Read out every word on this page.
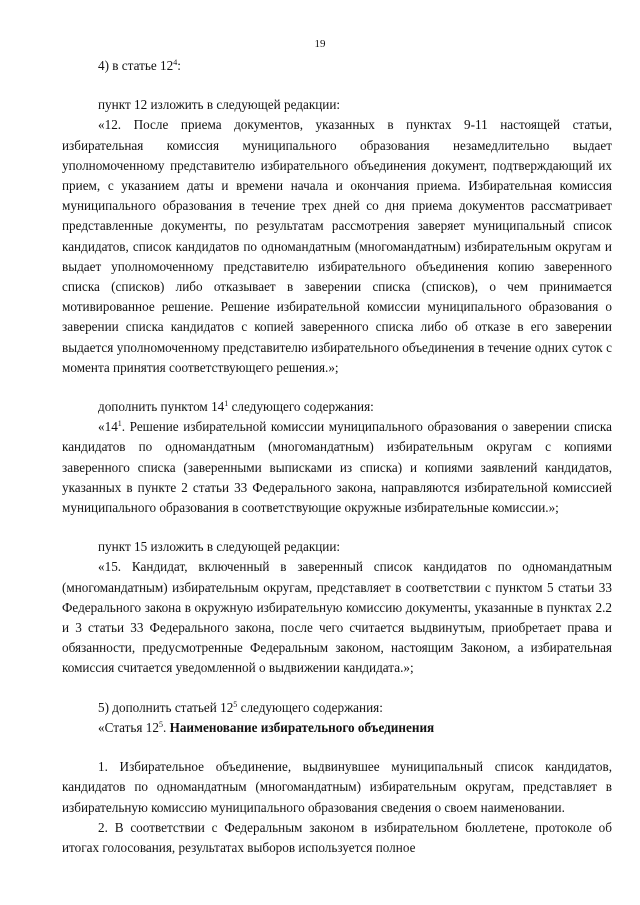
19

4) в статье $12^4$:

пункт 12 изложить в следующей редакции:

«12. После приема документов, указанных в пунктах 9-11 настоящей статьи, избирательная комиссия муниципального образования незамедлительно выдает уполномоченному представителю избирательного объединения документ, подтверждающий их прием, с указанием даты и времени начала и окончания приема. Избирательная комиссия муниципального образования в течение трех дней со дня приема документов рассматривает представленные документы, по результатам рассмотрения заверяет муниципальный список кандидатов, список кандидатов по одномандатным (многомандатным) избирательным округам и выдает уполномоченному представителю избирательного объединения копию заверенного списка (списков) либо отказывает в заверении списка (списков), о чем принимается мотивированное решение. Решение избирательной комиссии муниципального образования о заверении списка кандидатов с копией заверенного списка либо об отказе в его заверении выдается уполномоченному представителю избирательного объединения в течение одних суток с момента принятия соответствующего решения.»;

дополнить пунктом $14^1$ следующего содержания:

«$14^1$. Решение избирательной комиссии муниципального образования о заверении списка кандидатов по одномандатным (многомандатным) избирательным округам с копиями заверенного списка (заверенными выписками из списка) и копиями заявлений кандидатов, указанных в пункте 2 статьи 33 Федерального закона, направляются избирательной комиссией муниципального образования в соответствующие окружные избирательные комиссии.»;

пункт 15 изложить в следующей редакции:

«15. Кандидат, включенный в заверенный список кандидатов по одномандатным (многомандатным) избирательным округам, представляет в соответствии с пунктом 5 статьи 33 Федерального закона в окружную избирательную комиссию документы, указанные в пунктах 2.2 и 3 статьи 33 Федерального закона, после чего считается выдвинутым, приобретает права и обязанности, предусмотренные Федеральным законом, настоящим Законом, а избирательная комиссия считается уведомленной о выдвижении кандидата.»;

5) дополнить статьей $12^5$ следующего содержания:

«Статья $12^5$. Наименование избирательного объединения

1. Избирательное объединение, выдвинувшее муниципальный список кандидатов, кандидатов по одномандатным (многомандатным) избирательным округам, представляет в избирательную комиссию муниципального образования сведения о своем наименовании.

2. В соответствии с Федеральным законом в избирательном бюллетене, протоколе об итогах голосования, результатах выборов используется полное
